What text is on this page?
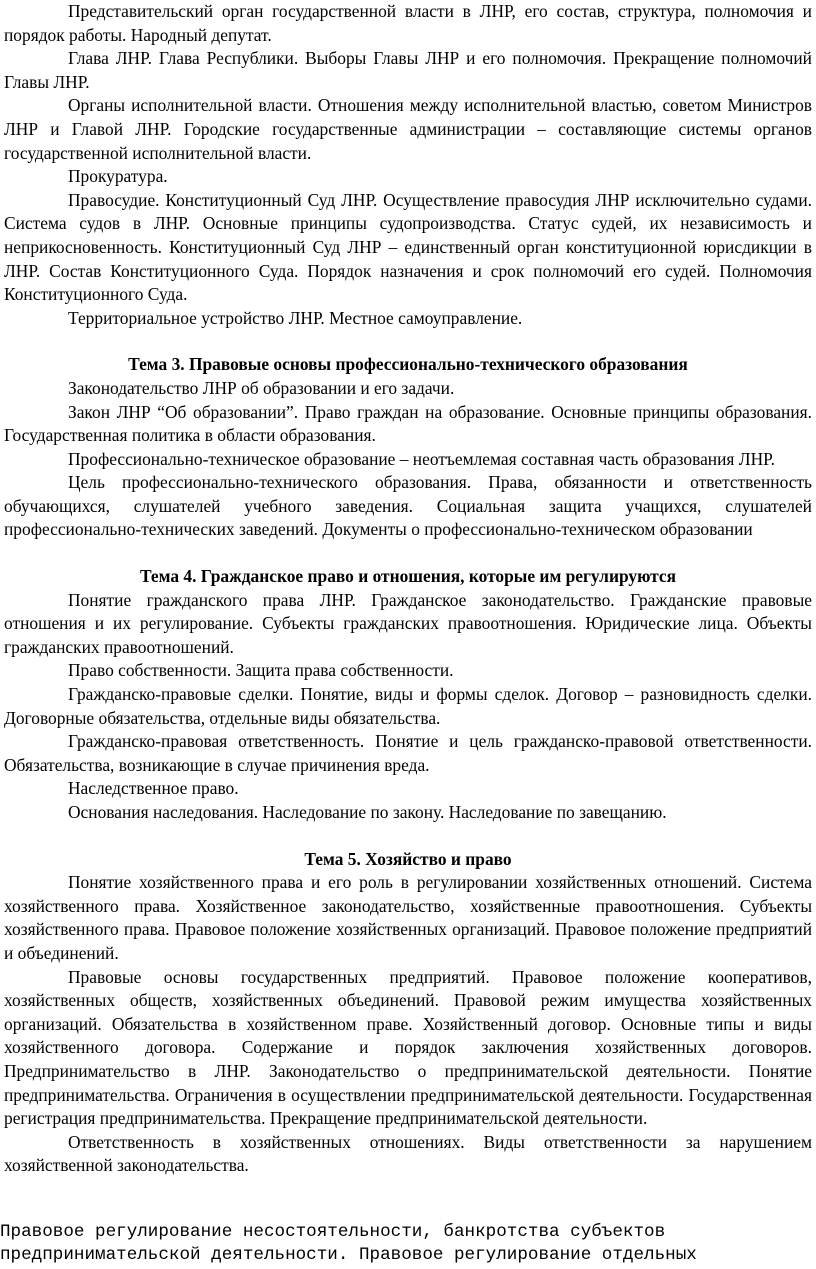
Представительский орган государственной власти в ЛНР, его состав, структура, полномочия и порядок работы. Народный депутат.

Глава ЛНР. Глава Республики. Выборы Главы ЛНР и его полномочия. Прекращение полномочий Главы ЛНР.

Органы исполнительной власти. Отношения между исполнительной властью, советом Министров ЛНР и Главой ЛНР. Городские государственные администрации – составляющие системы органов государственной исполнительной власти.

Прокуратура.

Правосудие. Конституционный Суд ЛНР. Осуществление правосудия ЛНР исключительно судами. Система судов в ЛНР. Основные принципы судопроизводства. Статус судей, их независимость и неприкосновенность. Конституционный Суд ЛНР – единственный орган конституционной юрисдикции в ЛНР. Состав Конституционного Суда. Порядок назначения и срок полномочий его судей. Полномочия Конституционного Суда.

Территориальное устройство ЛНР. Местное самоуправление.

Тема 3. Правовые основы профессионально-технического образования

Законодательство ЛНР об образовании и его задачи.

Закон ЛНР “Об образовании”. Право граждан на образование. Основные принципы образования. Государственная политика в области образования.

Профессионально-техническое образование – неотъемлемая составная часть образования ЛНР.

Цель профессионально-технического образования. Права, обязанности и ответственность обучающихся, слушателей учебного заведения. Социальная защита учащихся, слушателей профессионально-технических заведений. Документы о профессионально-техническом образовании

Тема 4. Гражданское право и отношения, которые им регулируются

Понятие гражданского права ЛНР. Гражданское законодательство. Гражданские правовые отношения и их регулирование. Субъекты гражданских правоотношения. Юридические лица. Объекты гражданских правоотношений.

Право собственности. Защита права собственности.

Гражданско-правовые сделки. Понятие, виды и формы сделок. Договор – разновидность сделки. Договорные обязательства, отдельные виды обязательства.

Гражданско-правовая ответственность. Понятие и цель гражданско-правовой ответственности. Обязательства, возникающие в случае причинения вреда.

Наследственное право.

Основания наследования. Наследование по закону. Наследование по завещанию.

Тема 5. Хозяйство и право

Понятие хозяйственного права и его роль в регулировании хозяйственных отношений. Система хозяйственного права. Хозяйственное законодательство, хозяйственные правоотношения. Субъекты хозяйственного права. Правовое положение хозяйственных организаций. Правовое положение предприятий и объединений.

Правовые основы государственных предприятий. Правовое положение кооперативов, хозяйственных обществ, хозяйственных объединений. Правовой режим имущества хозяйственных организаций. Обязательства в хозяйственном праве. Хозяйственный договор. Основные типы и виды хозяйственного договора. Содержание и порядок заключения хозяйственных договоров. Предпринимательство в ЛНР. Законодательство о предпринимательской деятельности. Понятие предпринимательства. Ограничения в осуществлении предпринимательской деятельности. Государственная регистрация предпринимательства. Прекращение предпринимательской деятельности.

Ответственность в хозяйственных отношениях. Виды ответственности за нарушением хозяйственной законодательства.

Правовое регулирование несостоятельности, банкротства субъектов
предпринимательской деятельности. Правовое регулирование отдельных
